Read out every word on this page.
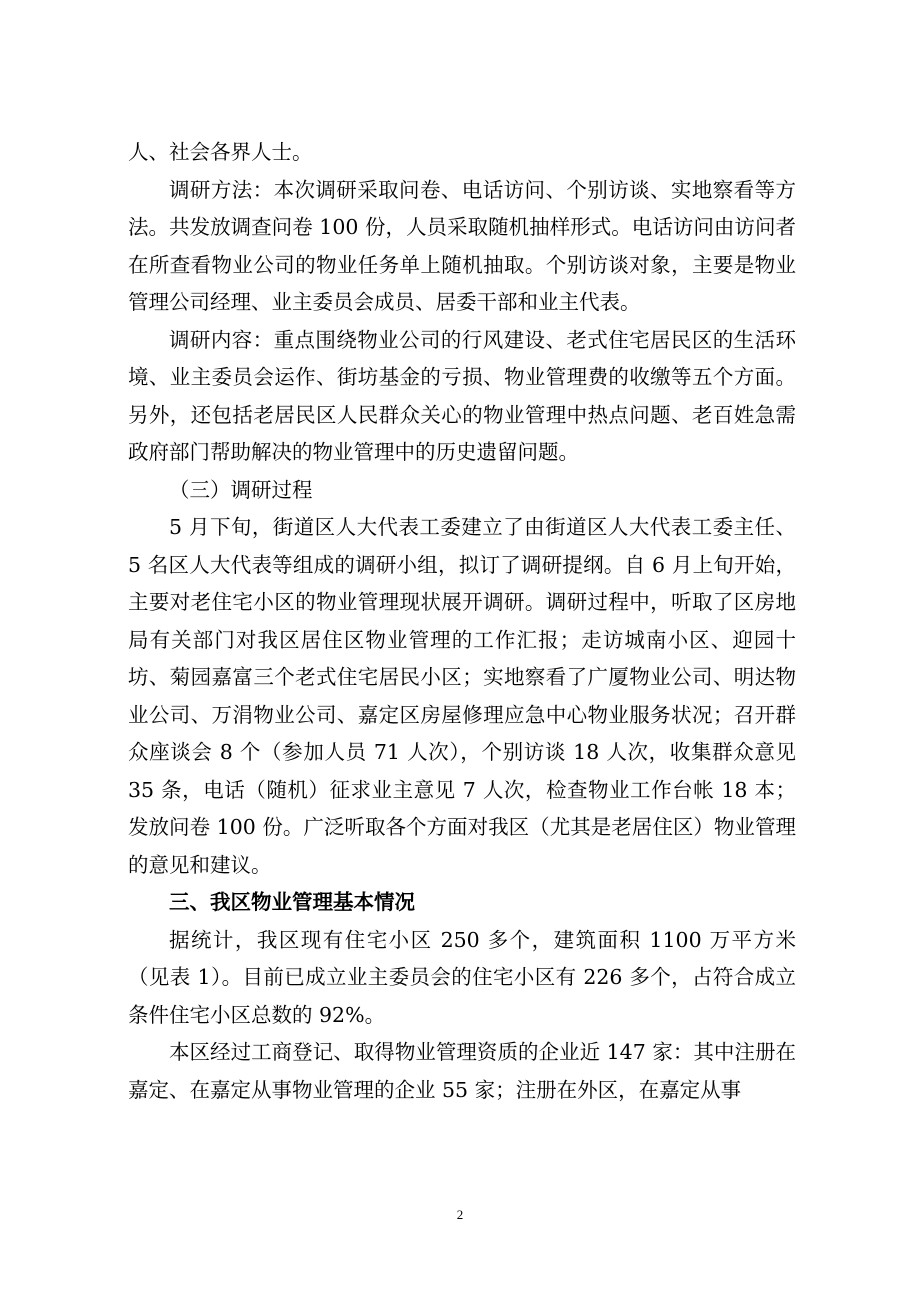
人、社会各界人士。

调研方法：本次调研采取问卷、电话访问、个别访谈、实地察看等方法。共发放调查问卷 100 份，人员采取随机抽样形式。电话访问由访问者在所查看物业公司的物业任务单上随机抽取。个别访谈对象，主要是物业管理公司经理、业主委员会成员、居委干部和业主代表。

调研内容：重点围绕物业公司的行风建设、老式住宅居民区的生活环境、业主委员会运作、街坊基金的亏损、物业管理费的收缴等五个方面。另外，还包括老居民区人民群众关心的物业管理中热点问题、老百姓急需政府部门帮助解决的物业管理中的历史遗留问题。

（三）调研过程

5 月下旬，街道区人大代表工委建立了由街道区人大代表工委主任、5 名区人大代表等组成的调研小组，拟订了调研提纲。自 6 月上旬开始，主要对老住宅小区的物业管理现状展开调研。调研过程中，听取了区房地局有关部门对我区居住区物业管理的工作汇报；走访城南小区、迎园十坊、菊园嘉富三个老式住宅居民小区；实地察看了广厦物业公司、明达物业公司、万涓物业公司、嘉定区房屋修理应急中心物业服务状况；召开群众座谈会 8 个（参加人员 71 人次），个别访谈 18 人次，收集群众意见 35 条，电话（随机）征求业主意见 7 人次，检查物业工作台帐 18 本；发放问卷 100 份。广泛听取各个方面对我区（尤其是老居住区）物业管理的意见和建议。

三、我区物业管理基本情况

据统计，我区现有住宅小区 250 多个，建筑面积 1100 万平方米（见表 1）。目前已成立业主委员会的住宅小区有 226 多个，占符合成立条件住宅小区总数的 92%。

本区经过工商登记、取得物业管理资质的企业近 147 家：其中注册在嘉定、在嘉定从事物业管理的企业 55 家；注册在外区，在嘉定从事

2
